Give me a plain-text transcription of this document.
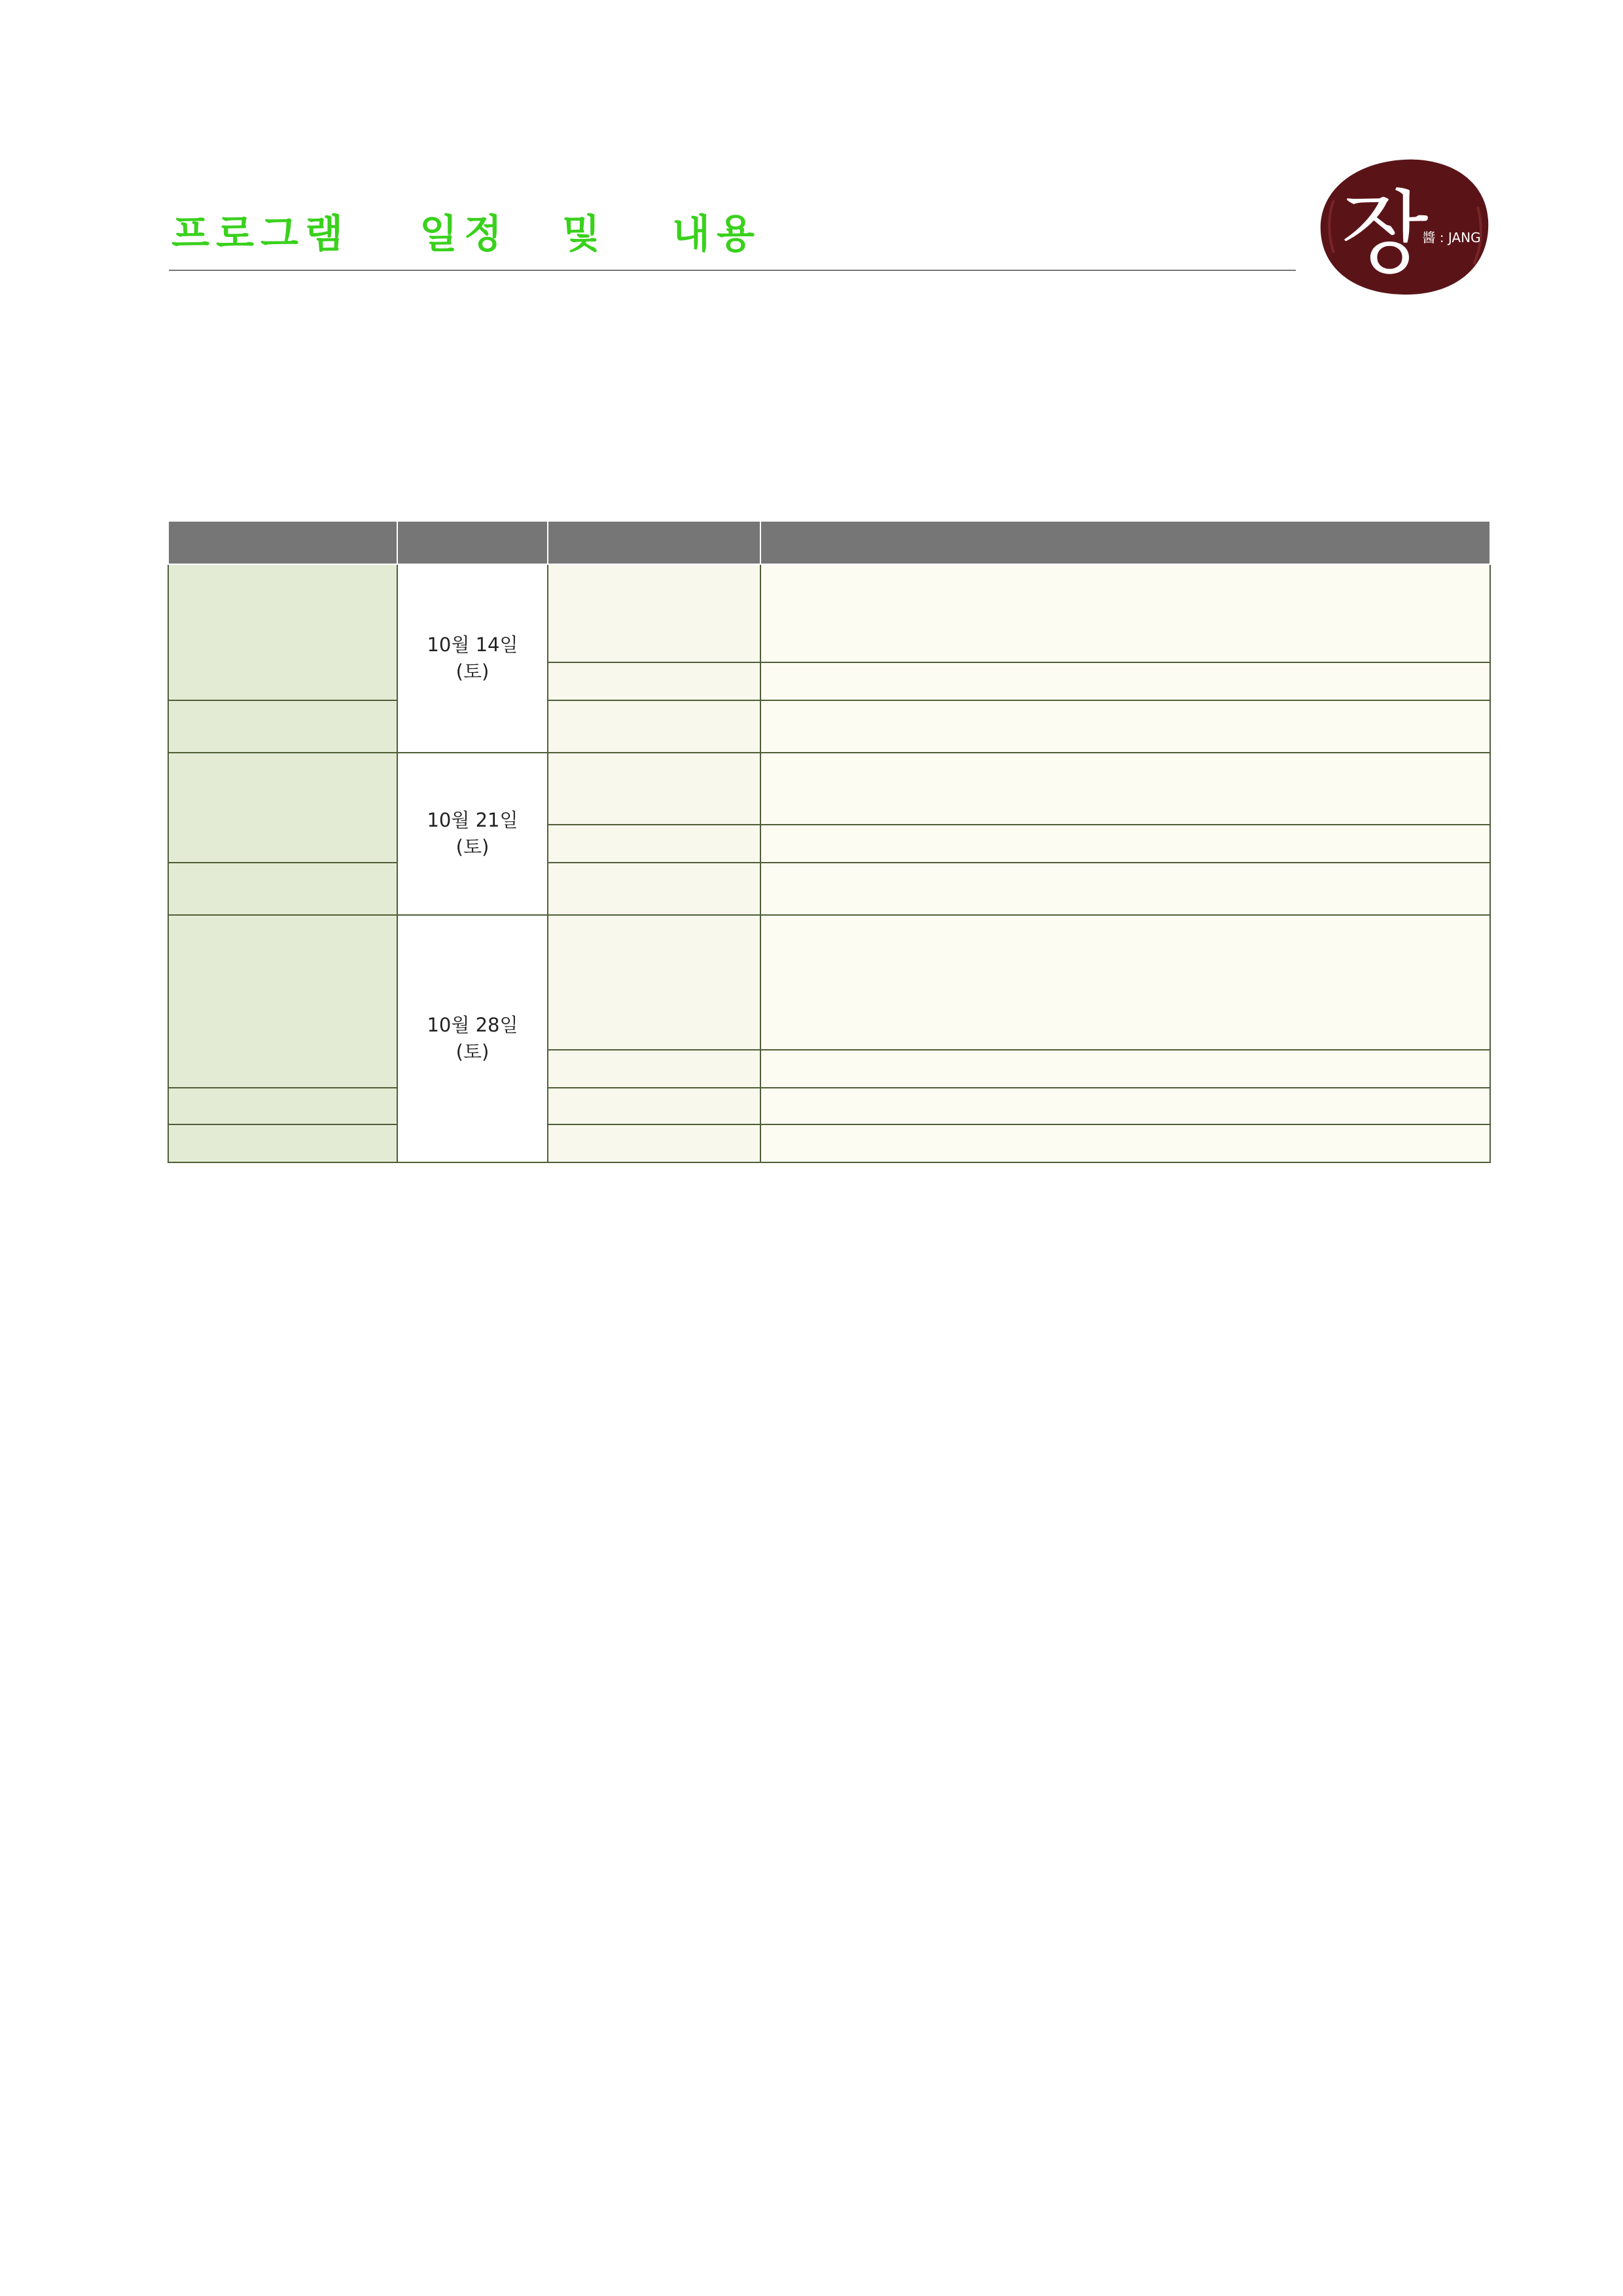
프 로 그 램 일 정 및 내 용	장
醬 : JANG

	10월 14일
(토)		

	10월 21일
(토)		

	10월 28일
(토)		
